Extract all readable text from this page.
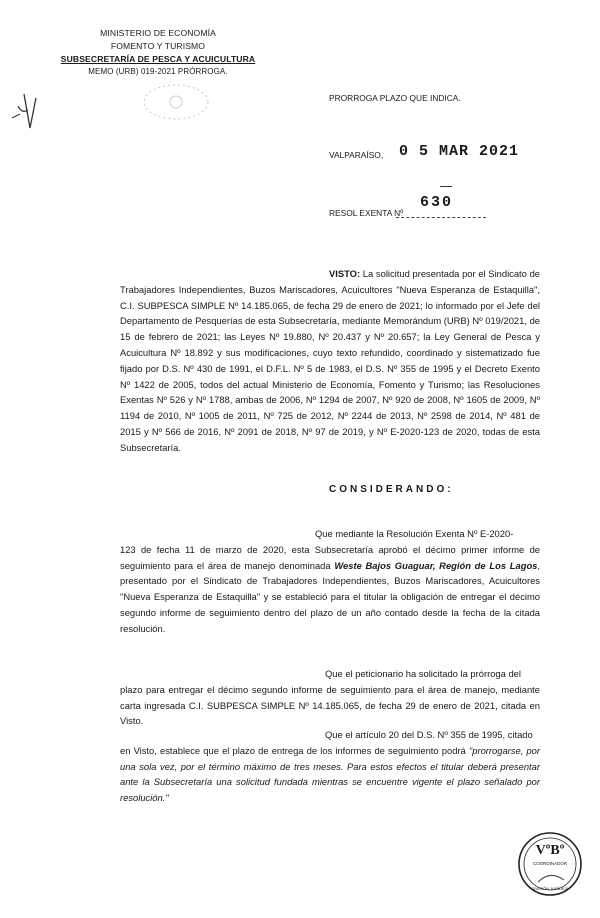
MINISTERIO DE ECONOMÍA
FOMENTO Y TURISMO
SUBSECRETARÍA DE PESCA Y ACUICULTURA
MEMO (URB) 019-2021 PRÓRROGA.
PRORROGA PLAZO QUE INDICA.
VALPARAÍSO, 0 5 MAR 2021
RESOL EXENTA Nº
630

VISTO: La solicitud presentada por el Sindicato de Trabajadores Independientes, Buzos Mariscadores, Acuicultores "Nueva Esperanza de Estaquilla", C.I. SUBPESCA SIMPLE Nº 14.185.065, de fecha 29 de enero de 2021; lo informado por el Jefe del Departamento de Pesquerías de esta Subsecretaría, mediante Memorándum (URB) Nº 019/2021, de 15 de febrero de 2021; las Leyes Nº 19.880, Nº 20.437 y Nº 20.657; la Ley General de Pesca y Acuicultura Nº 18.892 y sus modificaciones, cuyo texto refundido, coordinado y sistematizado fue fijado por D.S. Nº 430 de 1991, el D.F.L. Nº 5 de 1983, el D.S. Nº 355 de 1995 y el Decreto Exento Nº 1422 de 2005, todos del actual Ministerio de Economía, Fomento y Turismo; las Resoluciones Exentas Nº 526 y Nº 1788, ambas de 2006, Nº 1294 de 2007, Nº 920 de 2008, Nº 1605 de 2009, Nº 1194 de 2010, Nº 1005 de 2011, Nº 725 de 2012, Nº 2244 de 2013, Nº 2598 de 2014, Nº 481 de 2015 y Nº 566 de 2016, Nº 2091 de 2018, Nº 97 de 2019, y Nº E-2020-123 de 2020, todas de esta Subsecretaría.

CONSIDERANDO:

Que mediante la Resolución Exenta Nº E-2020-

123 de fecha 11 de marzo de 2020, esta Subsecretaría aprobó el décimo primer informe de seguimiento para el área de manejo denominada Weste Bajos Guaguar, Región de Los Lagos, presentado por el Sindicato de Trabajadores Independientes, Buzos Mariscadores, Acuicultores "Nueva Esperanza de Estaquilla" y se estableció para el titular la obligación de entregar el décimo segundo informe de seguimiento dentro del plazo de un año contado desde la fecha de la citada resolución.

Que el peticionario ha solicitado la prórroga del

plazo para entregar el décimo segundo informe de seguimiento para el área de manejo, mediante carta ingresada C.I. SUBPESCA SIMPLE Nº 14.185.065, de fecha 29 de enero de 2021, citada en Visto.

Que el artículo 20 del D.S. Nº 355 de 1995, citado

en Visto, establece que el plazo de entrega de los informes de seguimiento podrá "prorrogarse, por una sola vez, por el término máximo de tres meses. Para estos efectos el titular deberá presentar ante la Subsecretaría una solicitud fundada mientras se encuentre vigente el plazo señalado por resolución."

VºBº
COORDINADOR
DIVISIÓN JURÍDICA
